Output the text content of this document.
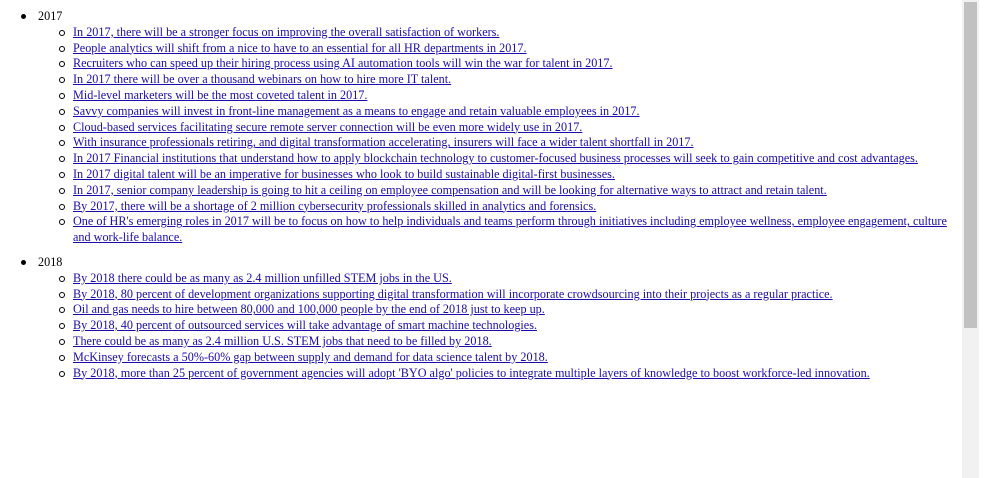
2017
In 2017, there will be a stronger focus on improving the overall satisfaction of workers.
People analytics will shift from a nice to have to an essential for all HR departments in 2017.
Recruiters who can speed up their hiring process using AI automation tools will win the war for talent in 2017.
In 2017 there will be over a thousand webinars on how to hire more IT talent.
Mid-level marketers will be the most coveted talent in 2017.
Savvy companies will invest in front-line management as a means to engage and retain valuable employees in 2017.
Cloud-based services facilitating secure remote server connection will be even more widely use in 2017.
With insurance professionals retiring, and digital transformation accelerating, insurers will face a wider talent shortfall in 2017.
In 2017 Financial institutions that understand how to apply blockchain technology to customer-focused business processes will seek to gain competitive and cost advantages.
In 2017 digital talent will be an imperative for businesses who look to build sustainable digital-first businesses.
In 2017, senior company leadership is going to hit a ceiling on employee compensation and will be looking for alternative ways to attract and retain talent.
By 2017, there will be a shortage of 2 million cybersecurity professionals skilled in analytics and forensics.
One of HR's emerging roles in 2017 will be to focus on how to help individuals and teams perform through initiatives including employee wellness, employee engagement, culture and work-life balance.
2018
By 2018 there could be as many as 2.4 million unfilled STEM jobs in the US.
By 2018, 80 percent of development organizations supporting digital transformation will incorporate crowdsourcing into their projects as a regular practice.
Oil and gas needs to hire between 80,000 and 100,000 people by the end of 2018 just to keep up.
By 2018, 40 percent of outsourced services will take advantage of smart machine technologies.
There could be as many as 2.4 million U.S. STEM jobs that need to be filled by 2018.
McKinsey forecasts a 50%-60% gap between supply and demand for data science talent by 2018.
By 2018, more than 25 percent of government agencies will adopt 'BYO algo' policies to integrate multiple layers of knowledge to boost workforce-led innovation.
